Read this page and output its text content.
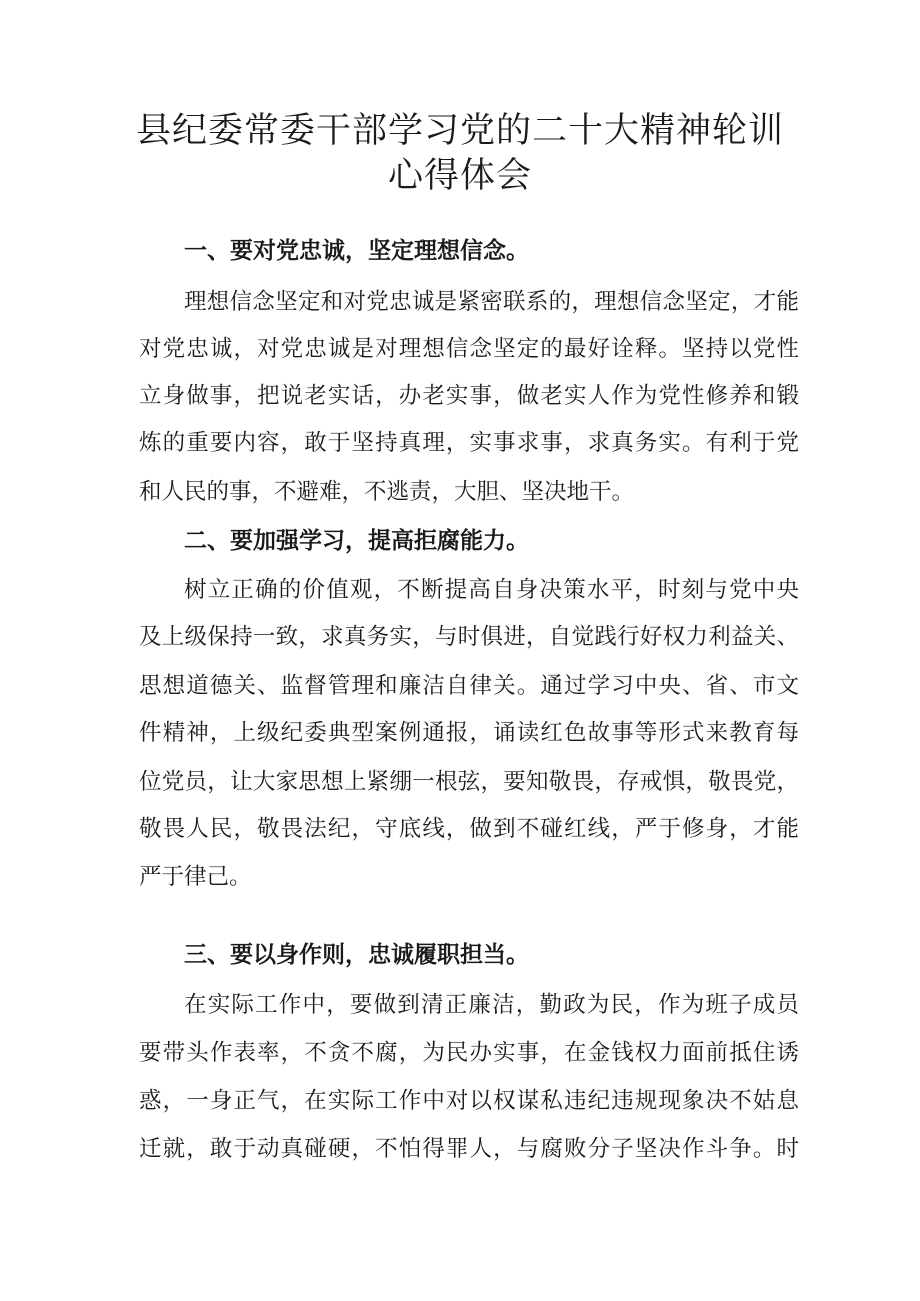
县纪委常委干部学习党的二十大精神轮训
心得体会
一、要对党忠诚，坚定理想信念。

理想信念坚定和对党忠诚是紧密联系的，理想信念坚定，才能

对党忠诚，对党忠诚是对理想信念坚定的最好诠释。坚持以党性

立身做事，把说老实话，办老实事，做老实人作为党性修养和锻

炼的重要内容，敢于坚持真理，实事求事，求真务实。有利于党

和人民的事，不避难，不逃责，大胆、坚决地干。

二、要加强学习，提高拒腐能力。

树立正确的价值观，不断提高自身决策水平，时刻与党中央

及上级保持一致，求真务实，与时俱进，自觉践行好权力利益关、

思想道德关、监督管理和廉洁自律关。通过学习中央、省、市文

件精神，上级纪委典型案例通报，诵读红色故事等形式来教育每

位党员，让大家思想上紧绷一根弦，要知敬畏，存戒惧，敬畏党，

敬畏人民，敬畏法纪，守底线，做到不碰红线，严于修身，才能

严于律己。

三、要以身作则，忠诚履职担当。

在实际工作中，要做到清正廉洁，勤政为民，作为班子成员

要带头作表率，不贪不腐，为民办实事，在金钱权力面前抵住诱

惑，一身正气，在实际工作中对以权谋私违纪违规现象决不姑息

迁就，敢于动真碰硬，不怕得罪人，与腐败分子坚决作斗争。时
